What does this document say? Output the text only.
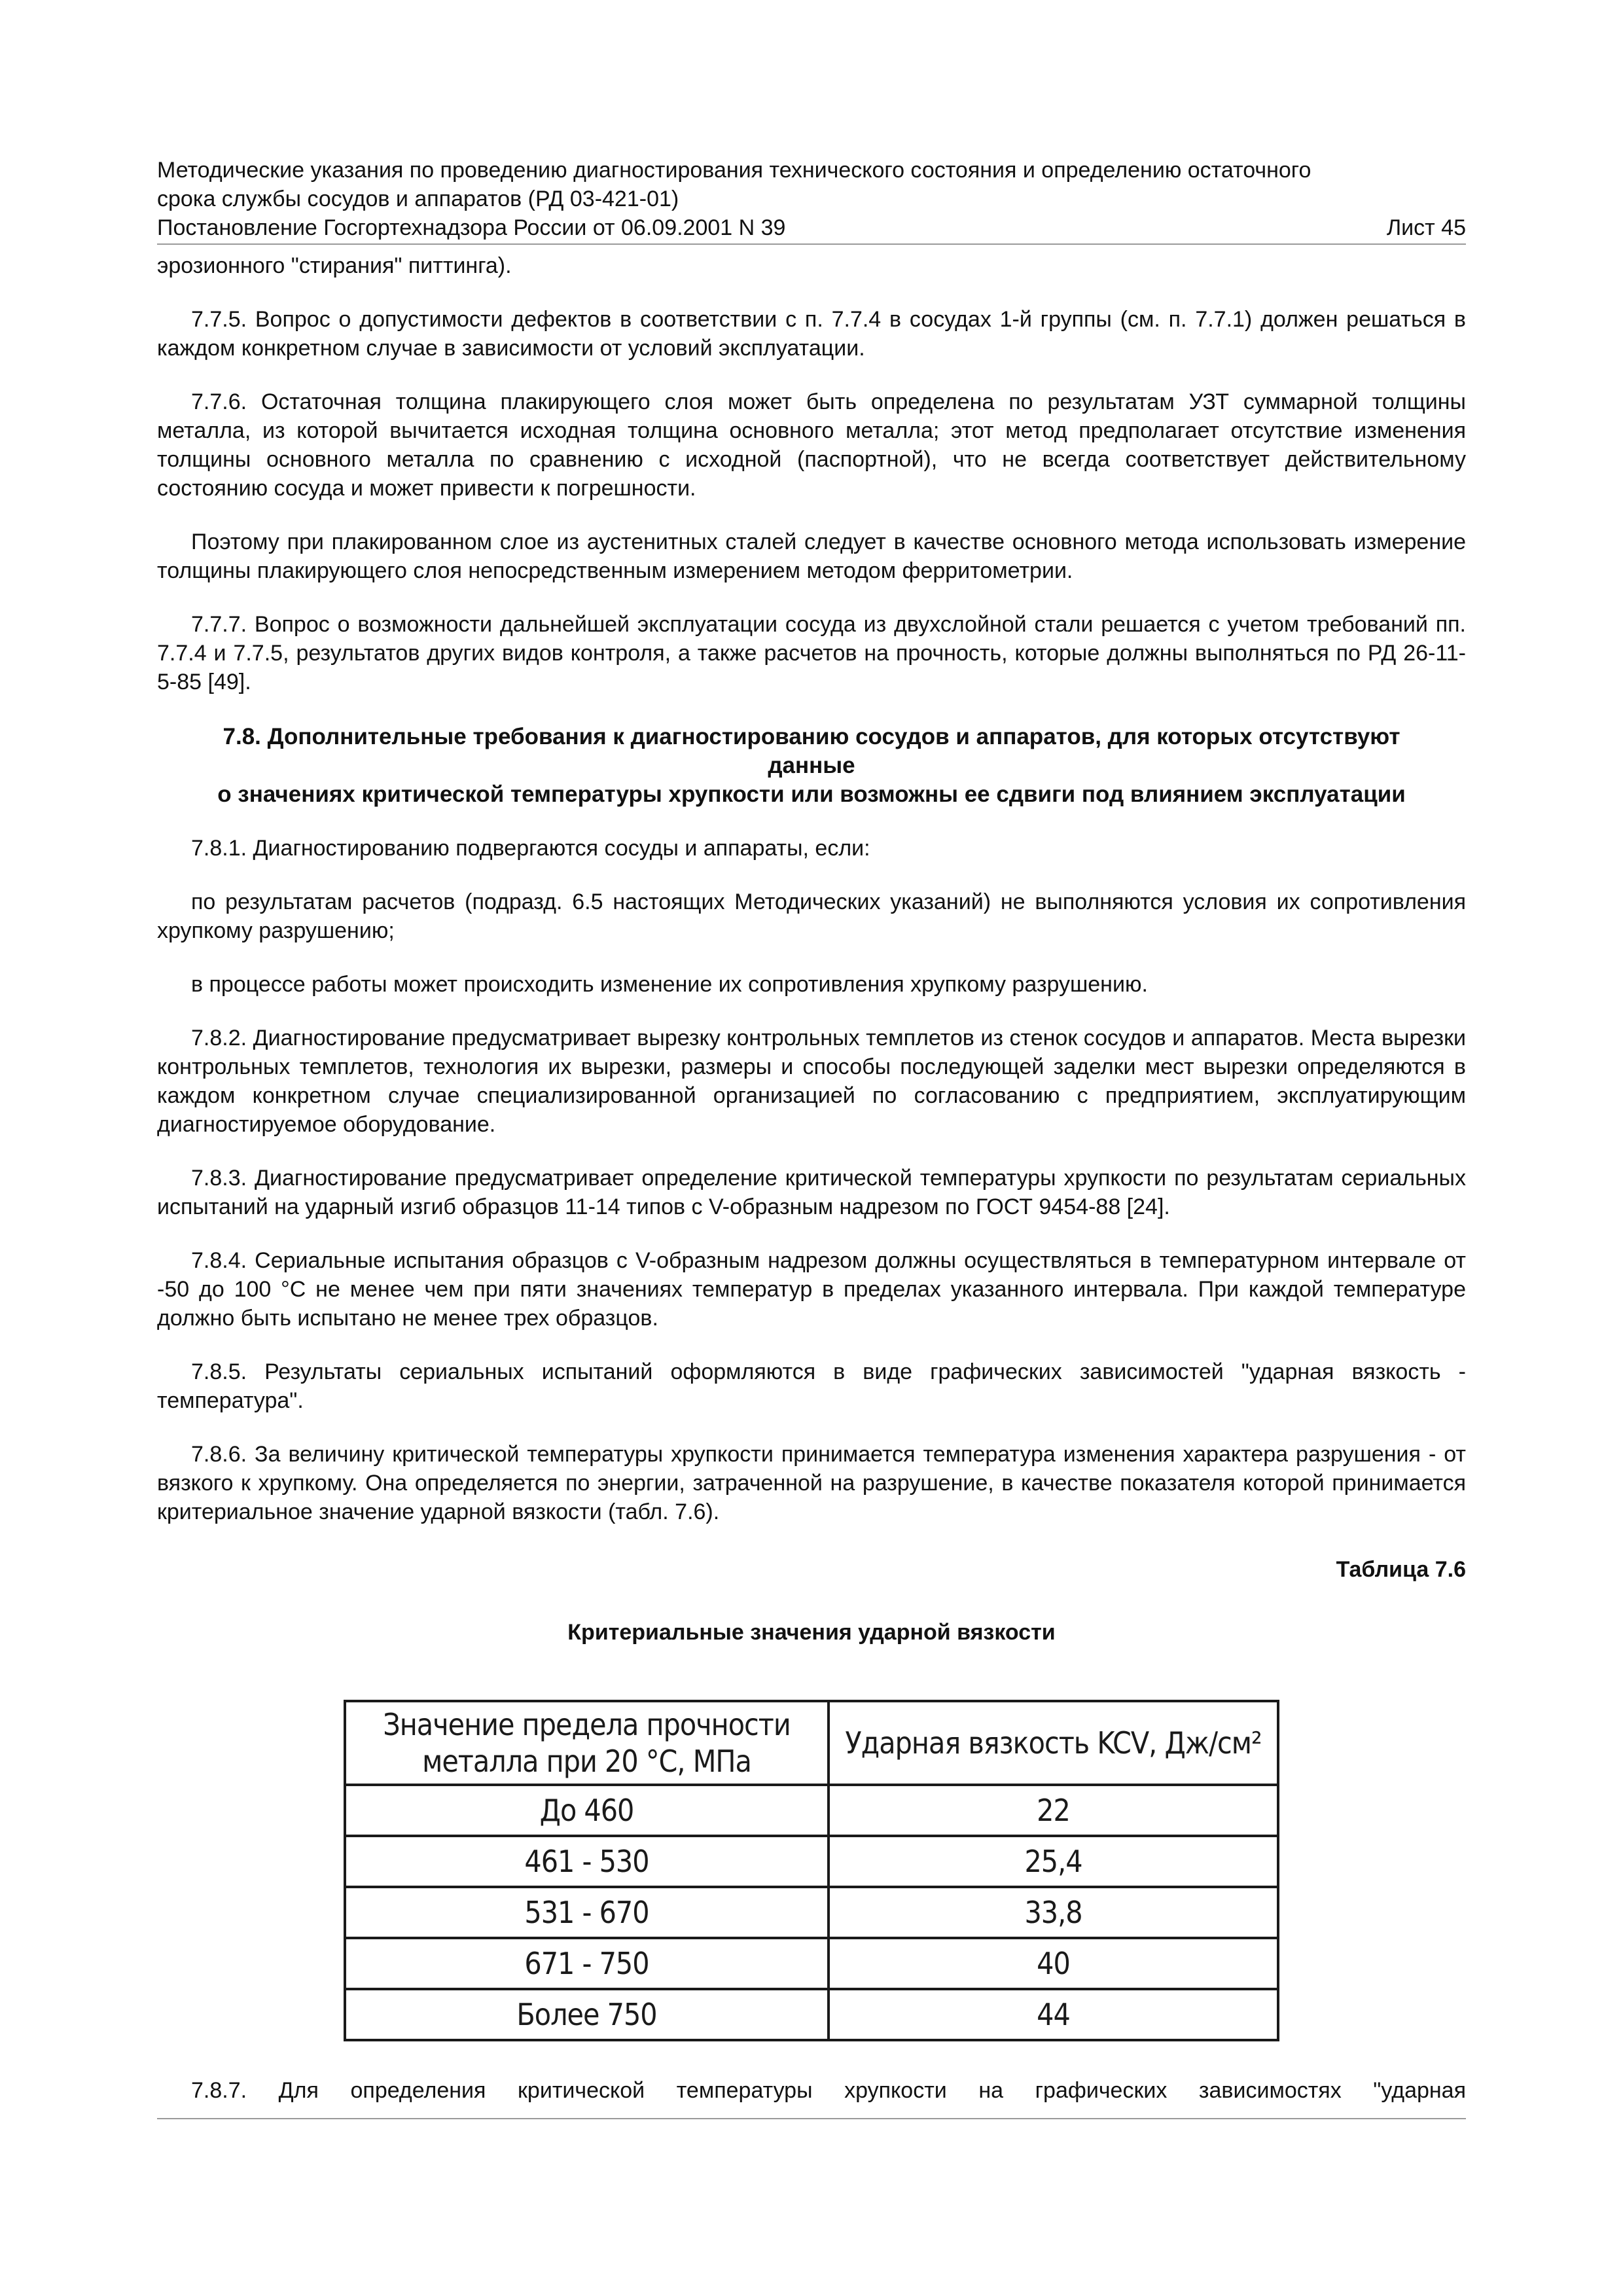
Методические указания по проведению диагностирования технического состояния и определению остаточного
срока службы сосудов и аппаратов (РД 03-421-01)
Постановление Госгортехнадзора России от 06.09.2001 N 39	Лист 45

эрозионного "стирания" питтинга).

7.7.5. Вопрос о допустимости дефектов в соответствии с п. 7.7.4 в сосудах 1-й группы (см. п. 7.7.1) должен решаться в каждом конкретном случае в зависимости от условий эксплуатации.

7.7.6. Остаточная толщина плакирующего слоя может быть определена по результатам УЗТ суммарной толщины металла, из которой вычитается исходная толщина основного металла; этот метод предполагает отсутствие изменения толщины основного металла по сравнению с исходной (паспортной), что не всегда соответствует действительному состоянию сосуда и может привести к погрешности.

Поэтому при плакированном слое из аустенитных сталей следует в качестве основного метода использовать измерение толщины плакирующего слоя непосредственным измерением методом ферритометрии.

7.7.7. Вопрос о возможности дальнейшей эксплуатации сосуда из двухслойной стали решается с учетом требований пп. 7.7.4 и 7.7.5, результатов других видов контроля, а также расчетов на прочность, которые должны выполняться по РД 26-11-5-85 [49].

7.8. Дополнительные требования к диагностированию сосудов и аппаратов, для которых отсутствуют
данные
о значениях критической температуры хрупкости или возможны ее сдвиги под влиянием эксплуатации

7.8.1. Диагностированию подвергаются сосуды и аппараты, если:

по результатам расчетов (подразд. 6.5 настоящих Методических указаний) не выполняются условия их сопротивления хрупкому разрушению;

в процессе работы может происходить изменение их сопротивления хрупкому разрушению.

7.8.2. Диагностирование предусматривает вырезку контрольных темплетов из стенок сосудов и аппаратов. Места вырезки контрольных темплетов, технология их вырезки, размеры и способы последующей заделки мест вырезки определяются в каждом конкретном случае специализированной организацией по согласованию с предприятием, эксплуатирующим диагностируемое оборудование.

7.8.3. Диагностирование предусматривает определение критической температуры хрупкости по результатам сериальных испытаний на ударный изгиб образцов 11-14 типов с V-образным надрезом по ГОСТ 9454-88 [24].

7.8.4. Сериальные испытания образцов с V-образным надрезом должны осуществляться в температурном интервале от -50 до 100 °С не менее чем при пяти значениях температур в пределах указанного интервала. При каждой температуре должно быть испытано не менее трех образцов.

7.8.5. Результаты сериальных испытаний оформляются в виде графических зависимостей "ударная вязкость - температура".

7.8.6. За величину критической температуры хрупкости принимается температура изменения характера разрушения - от вязкого к хрупкому. Она определяется по энергии, затраченной на разрушение, в качестве показателя которой принимается критериальное значение ударной вязкости (табл. 7.6).

Таблица 7.6
Критериальные значения ударной вязкости
Значение предела прочности
металла при 20 °С, МПа	Ударная вязкость KCV, Дж/см²
До 460	22
461 - 530	25,4
531 - 670	33,8
671 - 750	40
Более 750	44

7.8.7. Для определения критической температуры хрупкости на графических зависимостях "ударная
